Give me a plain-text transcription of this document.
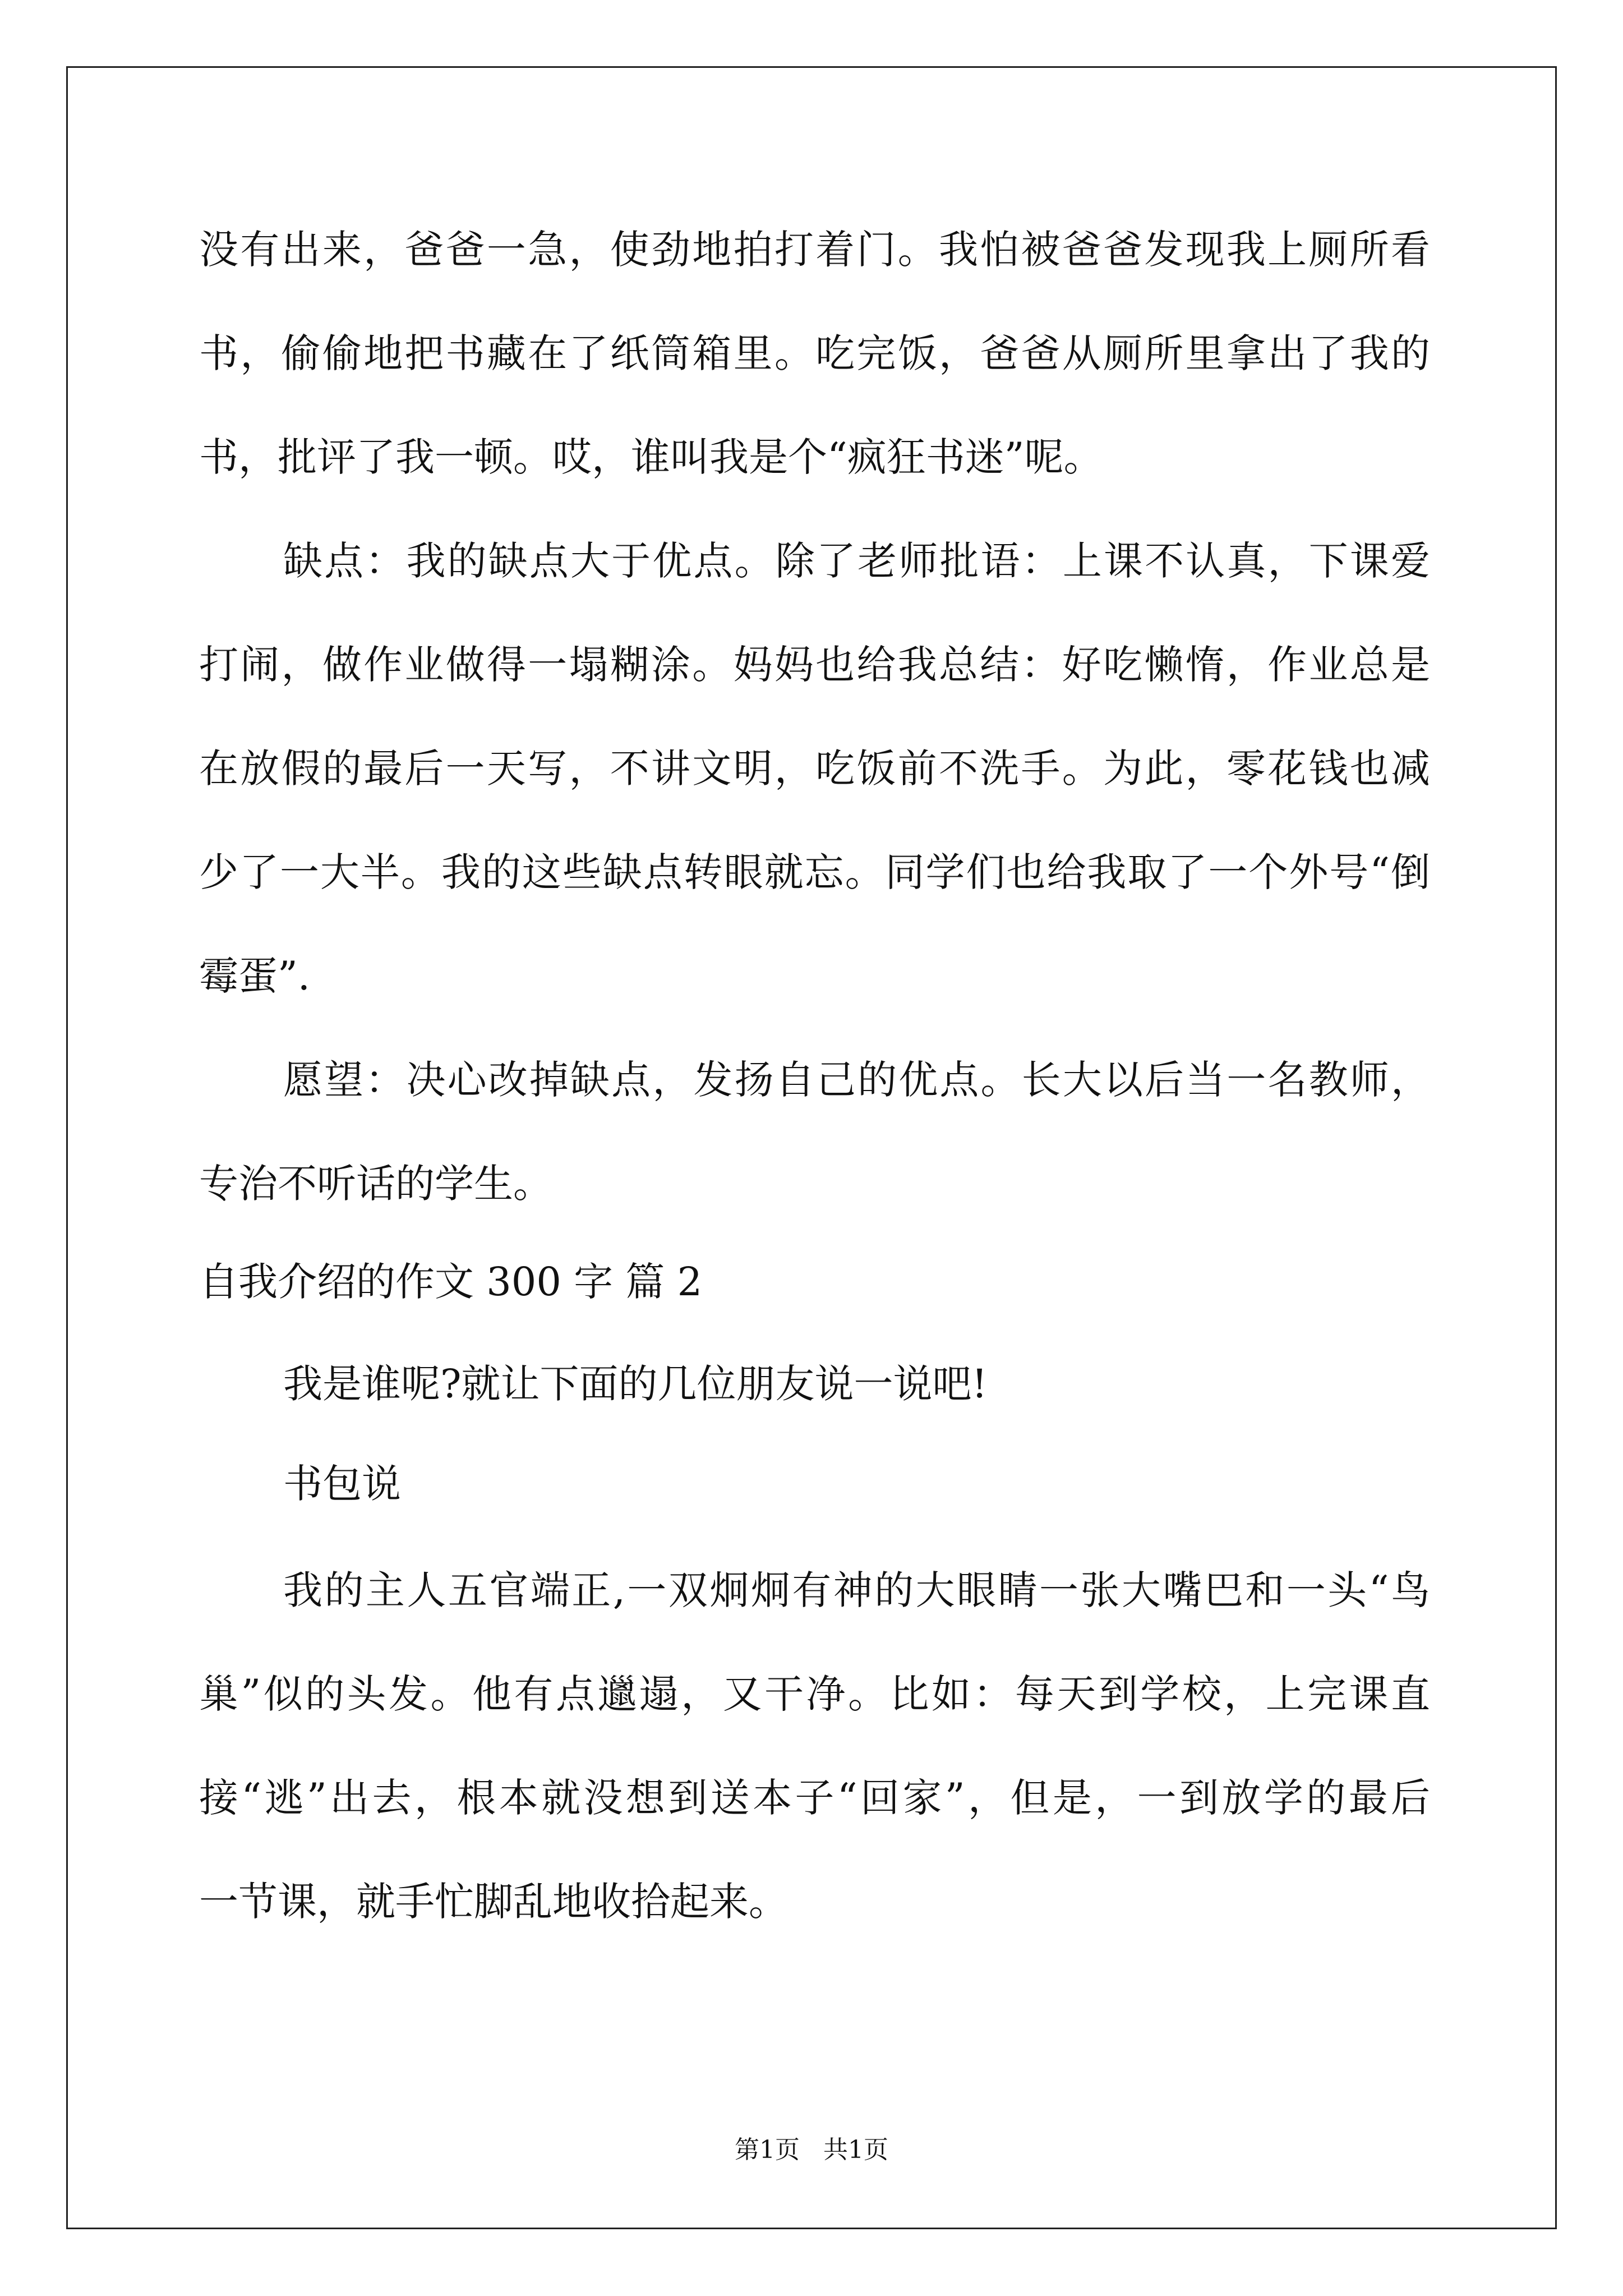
没有出来，爸爸一急，使劲地拍打着门。我怕被爸爸发现我上厕所看
书，偷偷地把书藏在了纸筒箱里。吃完饭，爸爸从厕所里拿出了我的
书，批评了我一顿。哎，谁叫我是个“疯狂书迷”呢。
缺点：我的缺点大于优点。除了老师批语：上课不认真，下课爱
打闹，做作业做得一塌糊涂。妈妈也给我总结：好吃懒惰，作业总是
在放假的最后一天写，不讲文明，吃饭前不洗手。为此，零花钱也减
少了一大半。我的这些缺点转眼就忘。同学们也给我取了一个外号“倒
霉蛋”.
愿望：决心改掉缺点，发扬自己的优点。长大以后当一名教师，
专治不听话的学生。
自我介绍的作文 300 字 篇 2
我是谁呢?就让下面的几位朋友说一说吧!
书包说
我的主人五官端正,一双炯炯有神的大眼睛一张大嘴巴和一头“鸟
巢”似的头发。他有点邋遢，又干净。比如：每天到学校，上完课直
接“逃”出去，根本就没想到送本子“回家”，但是，一到放学的最后
一节课，就手忙脚乱地收拾起来。
第1页   共1页
